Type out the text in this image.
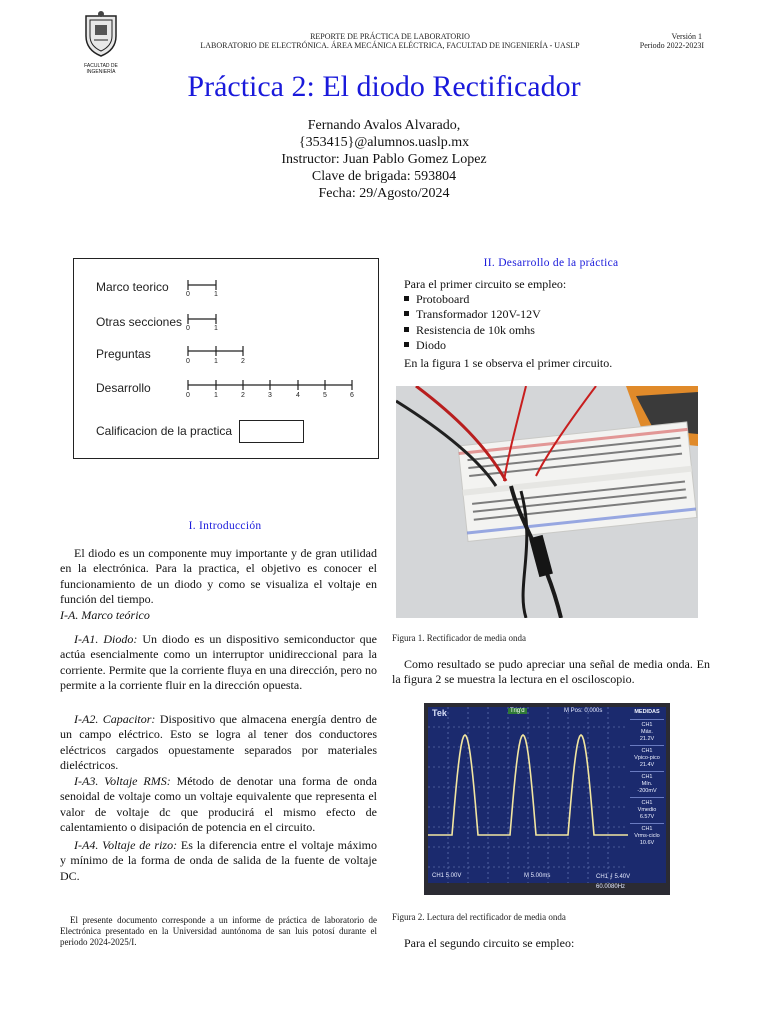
FACULTAD DE
INGENIERÍA
REPORTE DE PRÁCTICA DE LABORATORIO
LABORATORIO DE ELECTRÓNICA. ÁREA MECÁNICA ELÉCTRICA, FACULTAD DE INGENIERÍA - UASLP
Versión 1
Periodo 2022-2023I
Práctica 2: El diodo Rectificador
Fernando Avalos Alvarado,
{353415}@alumnos.uaslp.mx
Instructor: Juan Pablo Gomez Lopez
Clave de brigada: 593804
Fecha: 29/Agosto/2024
Marco teorico
Otras secciones
Preguntas
Desarrollo
0	1
0	1
0	1	2
0	1	2	3	4	5	6
Calificacion de la practica
I. Introducción
El diodo es un componente muy importante y de gran utilidad en la electrónica. Para la practica, el objetivo es conocer el funcionamiento de un diodo y como se visualiza el voltaje en función del tiempo.
I-A. Marco teórico
I-A1. Diodo: Un diodo es un dispositivo semiconductor que actúa esencialmente como un interruptor unidireccional para la corriente. Permite que la corriente fluya en una dirección, pero no permite a la corriente fluir en la dirección opuesta.
I-A2. Capacitor: Dispositivo que almacena energía dentro de un campo eléctrico. Esto se logra al tener dos conductores eléctricos cargados opuestamente separados por materiales dieléctricos.
I-A3. Voltaje RMS: Método de denotar una forma de onda senoidal de voltaje como un voltaje equivalente que representa el valor de voltaje dc que producirá el mismo efecto de calentamiento o disipación de potencia en el circuito.
I-A4. Voltaje de rizo: Es la diferencia entre el voltaje máximo y mínimo de la forma de onda de salida de la fuente de voltaje DC.
El presente documento corresponde a un informe de práctica de laboratorio de Electrónica presentado en la Universidad auntónoma de san luis potosí durante el periodo 2024-2025/I.
II. Desarrollo de la práctica
Para el primer circuito se empleo:
Protoboard
Transformador 120V-12V
Resistencia de 10k omhs
Diodo
En la figura 1 se observa el primer circuito.
Figura 1. Rectificador de media onda
Como resultado se pudo apreciar una señal de media onda. En la figura 2 se muestra la lectura en el osciloscopio.
Tek	Trig'd	M Pos: 0.000s	MEDIDAS
CH1
Máx.
21.2V
CH1
Vpico-pico
21.4V
CH1
Mín.
-200mV
CH1
Vmedio
6.57V
CH1
Vrms-ciclo
10.6V
CH1 5.00V	M 5.00ms	CH1 ⨍ 5.40V
60.0080Hz
Figura 2. Lectura del rectificador de media onda
Para el segundo circuito se empleo:
